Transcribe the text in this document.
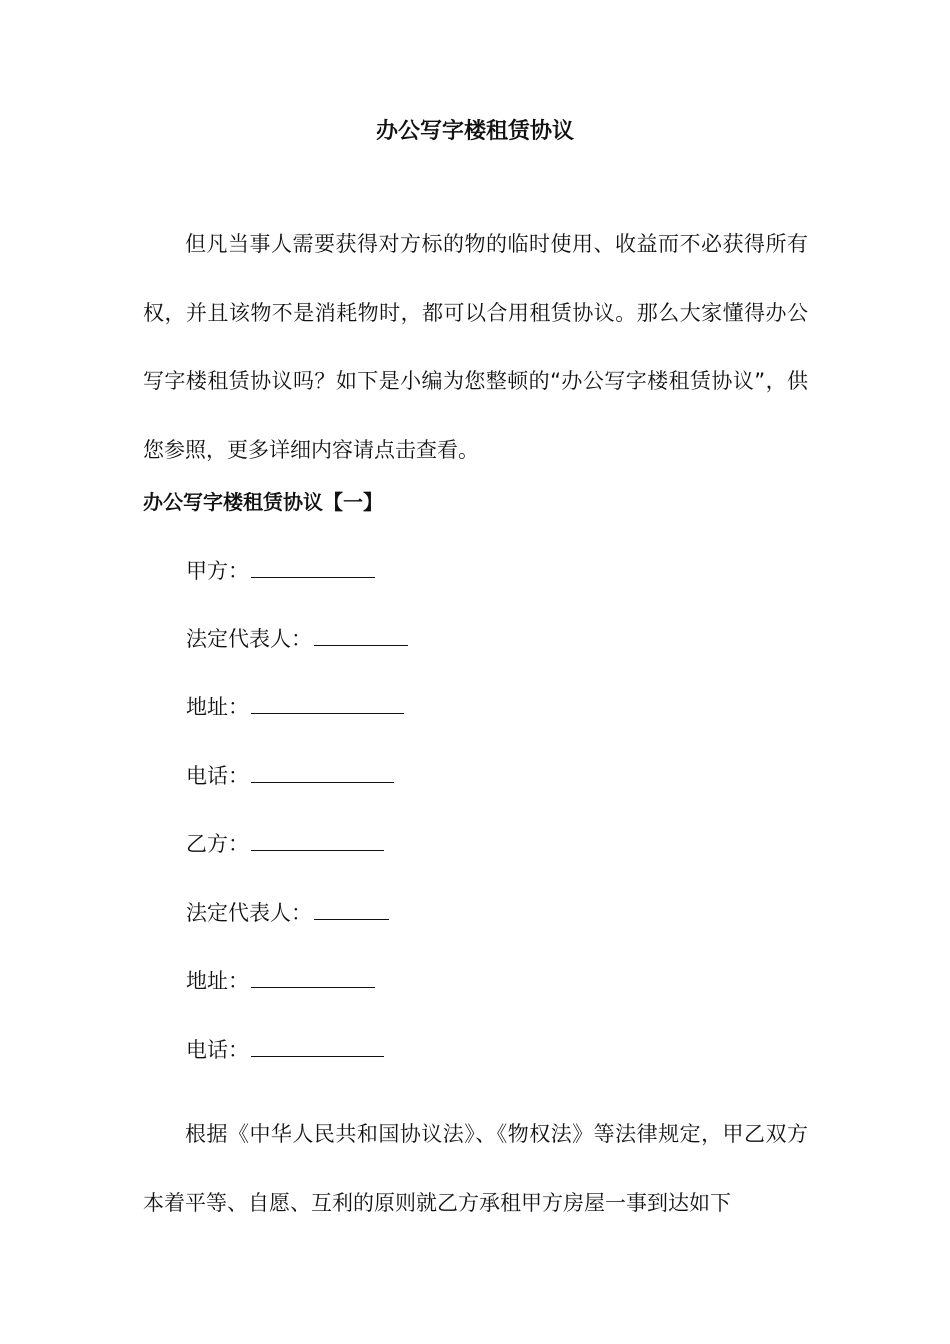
办公写字楼租赁协议

但凡当事人需要获得对方标的物的临时使用、收益而不必获得所有权，并且该物不是消耗物时，都可以合用租赁协议。那么大家懂得办公写字楼租赁协议吗？如下是小编为您整顿的“办公写字楼租赁协议”，供您参照，更多详细内容请点击查看。

办公写字楼租赁协议【一】

甲方：

法定代表人：

地址：

电话：

乙方：

法定代表人：

地址：

电话：

根据《中华人民共和国协议法》、《物权法》等法律规定，甲乙双方本着平等、自愿、互利的原则就乙方承租甲方房屋一事到达如下
